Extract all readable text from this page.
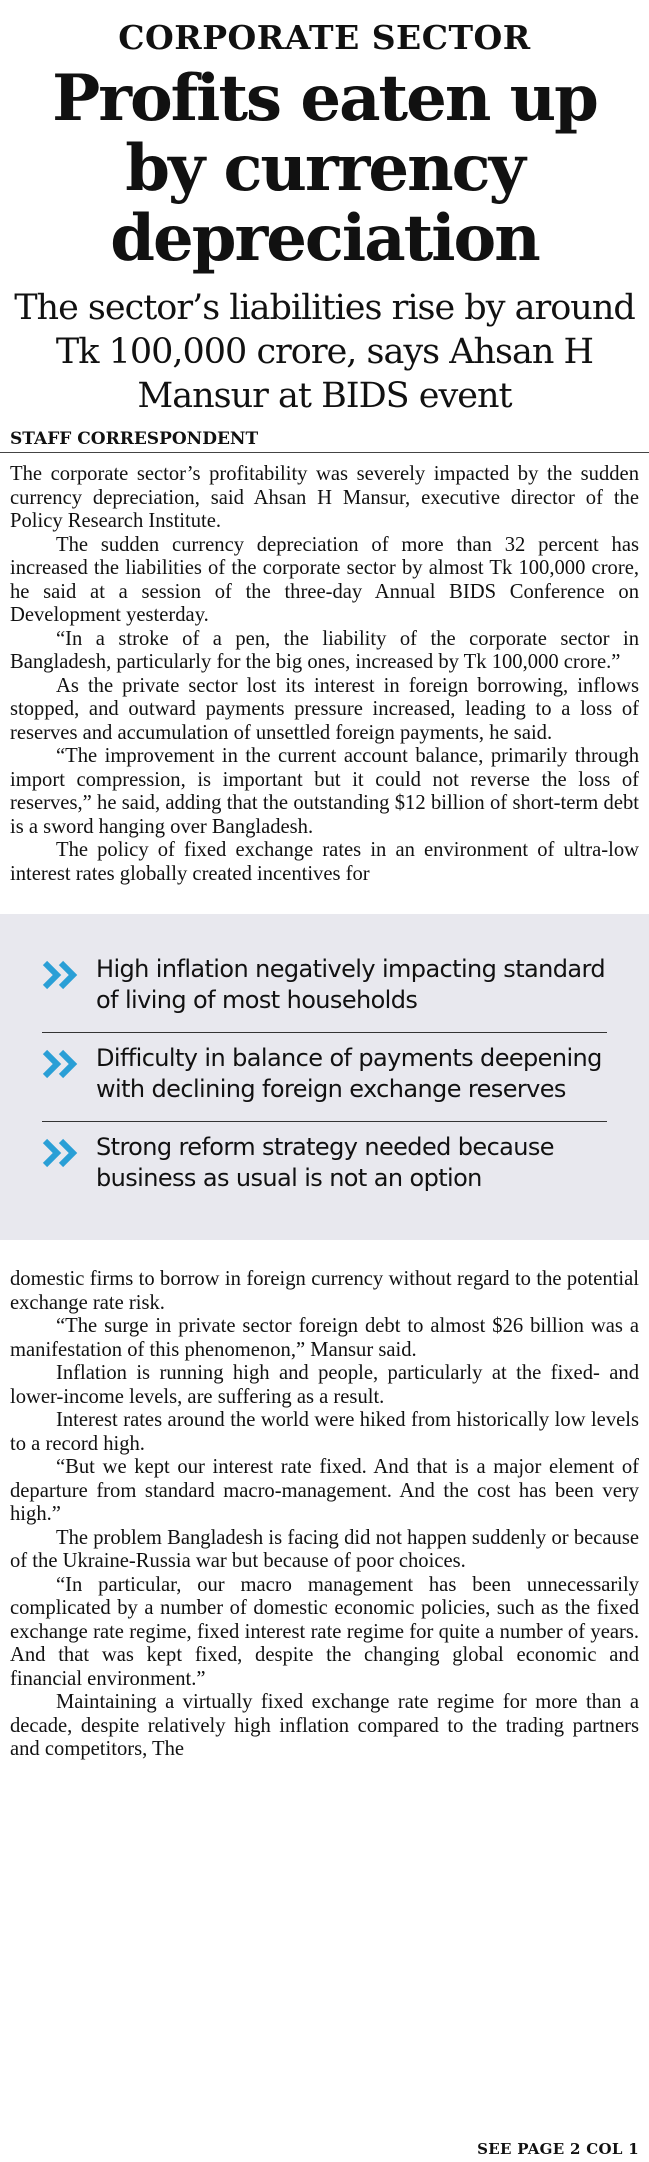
CORPORATE SECTOR
Profits eaten up by currency depreciation
The sector’s liabilities rise by around Tk 100,000 crore, says Ahsan H Mansur at BIDS event
STAFF CORRESPONDENT

The corporate sector’s profitability was severely impacted by the sudden currency depreciation, said Ahsan H Mansur, executive director of the Policy Research Institute.

The sudden currency depreciation of more than 32 percent has increased the liabilities of the corporate sector by almost Tk 100,000 crore, he said at a session of the three-day Annual BIDS Conference on Development yesterday.

“In a stroke of a pen, the liability of the corporate sector in Bangladesh, particularly for the big ones, increased by Tk 100,000 crore.”

As the private sector lost its interest in foreign borrowing, inflows stopped, and outward payments pressure increased, leading to a loss of reserves and accumulation of unsettled foreign payments, he said.

“The improvement in the current account balance, primarily through import compression, is important but it could not reverse the loss of reserves,” he said, adding that the outstanding $12 billion of short-term debt is a sword hanging over Bangladesh.

The policy of fixed exchange rates in an environment of ultra-low interest rates globally created incentives for

High inflation negatively impacting standard of living of most households
Difficulty in balance of payments deepening with declining foreign exchange reserves
Strong reform strategy needed because business as usual is not an option

domestic firms to borrow in foreign currency without regard to the potential exchange rate risk.

“The surge in private sector foreign debt to almost $26 billion was a manifestation of this phenomenon,” Mansur said.

Inflation is running high and people, particularly at the fixed- and lower-income levels, are suffering as a result.

Interest rates around the world were hiked from historically low levels to a record high.

“But we kept our interest rate fixed. And that is a major element of departure from standard macro-management. And the cost has been very high.”

The problem Bangladesh is facing did not happen suddenly or because of the Ukraine-Russia war but because of poor choices.

“In particular, our macro management has been unnecessarily complicated by a number of domestic economic policies, such as the fixed exchange rate regime, fixed interest rate regime for quite a number of years. And that was kept fixed, despite the changing global economic and financial environment.”

Maintaining a virtually fixed exchange rate regime for more than a decade, despite relatively high inflation compared to the trading partners and competitors, The

SEE PAGE 2 COL 1
